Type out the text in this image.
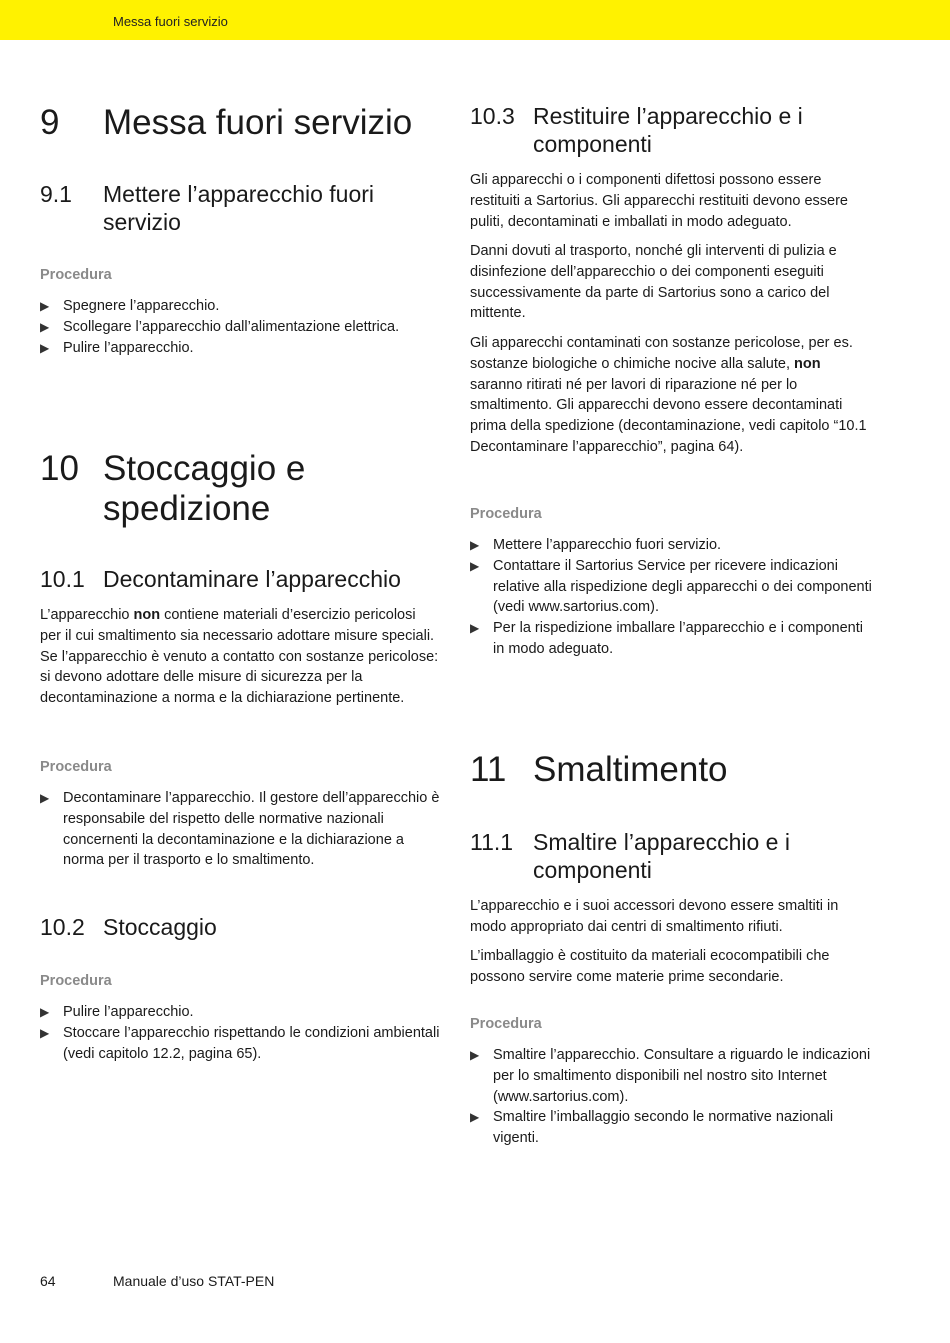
Messa fuori servizio
9 Messa fuori servizio
9.1 Mettere l’apparecchio fuori servizio
Procedura
▶ Spegnere l’apparecchio.
▶ Scollegare l’apparecchio dall’alimentazione elettrica.
▶ Pulire l’apparecchio.
10 Stoccaggio e spedizione
10.1 Decontaminare l’apparecchio
L’apparecchio non contiene materiali d’esercizio pericolosi per il cui smaltimento sia necessario adottare misure speciali. Se l’apparecchio è venuto a contatto con sostanze pericolose: si devono adottare delle misure di sicurezza per la decontaminazione a norma e la dichiarazione pertinente.
Procedura
▶ Decontaminare l’apparecchio. Il gestore dell’apparecchio è responsabile del rispetto delle normative nazionali concernenti la decontaminazione e la dichiarazione a norma per il trasporto e lo smaltimento.
10.2 Stoccaggio
Procedura
▶ Pulire l’apparecchio.
▶ Stoccare l’apparecchio rispettando le condizioni ambientali (vedi capitolo 12.2, pagina 65).
10.3 Restituire l’apparecchio e i componenti
Gli apparecchi o i componenti difettosi possono essere restituiti a Sartorius. Gli apparecchi restituiti devono essere puliti, decontaminati e imballati in modo adeguato.
Danni dovuti al trasporto, nonché gli interventi di pulizia e disinfezione dell’apparecchio o dei componenti eseguiti successivamente da parte di Sartorius sono a carico del mittente.
Gli apparecchi contaminati con sostanze pericolose, per es. sostanze biologiche o chimiche nocive alla salute, non saranno ritirati né per lavori di riparazione né per lo smaltimento. Gli apparecchi devono essere decontaminati prima della spedizione (decontaminazione, vedi capitolo “10.1 Decontaminare l’apparecchio”, pagina 64).
Procedura
▶ Mettere l’apparecchio fuori servizio.
▶ Contattare il Sartorius Service per ricevere indicazioni relative alla rispedizione degli apparecchi o dei componenti (vedi www.sartorius.com).
▶ Per la rispedizione imballare l’apparecchio e i componenti in modo adeguato.
11 Smaltimento
11.1 Smaltire l’apparecchio e i componenti
L’apparecchio e i suoi accessori devono essere smaltiti in modo appropriato dai centri di smaltimento rifiuti.
L’imballaggio è costituito da materiali ecocompatibili che possono servire come materie prime secondarie.
Procedura
▶ Smaltire l’apparecchio. Consultare a riguardo le indicazioni per lo smaltimento disponibili nel nostro sito Internet (www.sartorius.com).
▶ Smaltire l’imballaggio secondo le normative nazionali vigenti.
64	Manuale d’uso STAT-PEN
